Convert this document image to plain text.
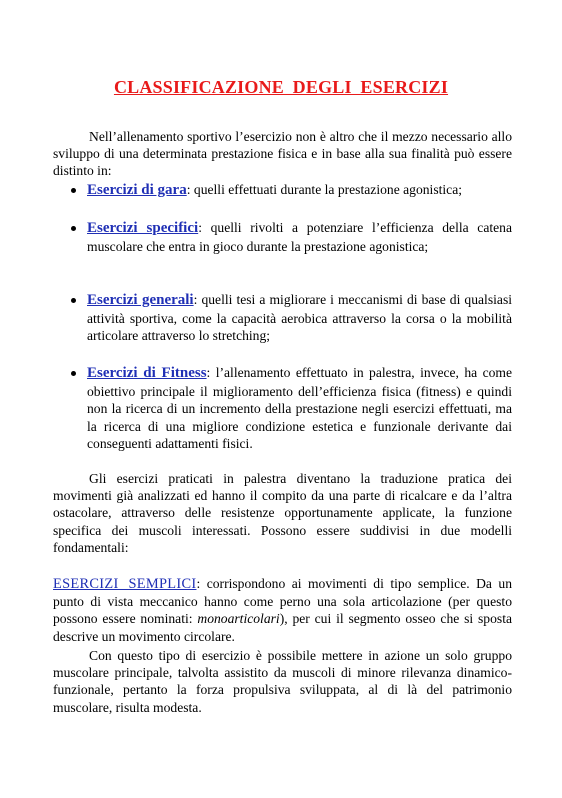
CLASSIFICAZIONE DEGLI ESERCIZI
Nell’allenamento sportivo l’esercizio non è altro che il mezzo necessario allo sviluppo di una determinata prestazione fisica e in base alla sua finalità può essere distinto in:
Esercizi di gara: quelli effettuati durante la prestazione agonistica;
Esercizi specifici: quelli rivolti a potenziare l’efficienza della catena muscolare che entra in gioco durante la prestazione agonistica;
Esercizi generali: quelli tesi a migliorare i meccanismi di base di qualsiasi attività sportiva, come la capacità aerobica attraverso la corsa o la mobilità articolare attraverso lo stretching;
Esercizi di Fitness: l’allenamento effettuato in palestra, invece, ha come obiettivo principale il miglioramento dell’efficienza fisica (fitness) e quindi non la ricerca di un incremento della prestazione negli esercizi effettuati, ma la ricerca di una migliore condizione estetica e funzionale derivante dai conseguenti adattamenti fisici.
Gli esercizi praticati in palestra diventano la traduzione pratica dei movimenti già analizzati ed hanno il compito da una parte di ricalcare e da l’altra ostacolare, attraverso delle resistenze opportunamente applicate, la funzione specifica dei muscoli interessati. Possono essere suddivisi in due modelli fondamentali:
ESERCIZI SEMPLICI: corrispondono ai movimenti di tipo semplice. Da un punto di vista meccanico hanno come perno una sola articolazione (per questo possono essere nominati: monoarticolari), per cui il segmento osseo che si sposta descrive un movimento circolare.
Con questo tipo di esercizio è possibile mettere in azione un solo gruppo muscolare principale, talvolta assistito da muscoli di minore rilevanza dinamico-funzionale, pertanto la forza propulsiva sviluppata, al di là del patrimonio muscolare, risulta modesta.
